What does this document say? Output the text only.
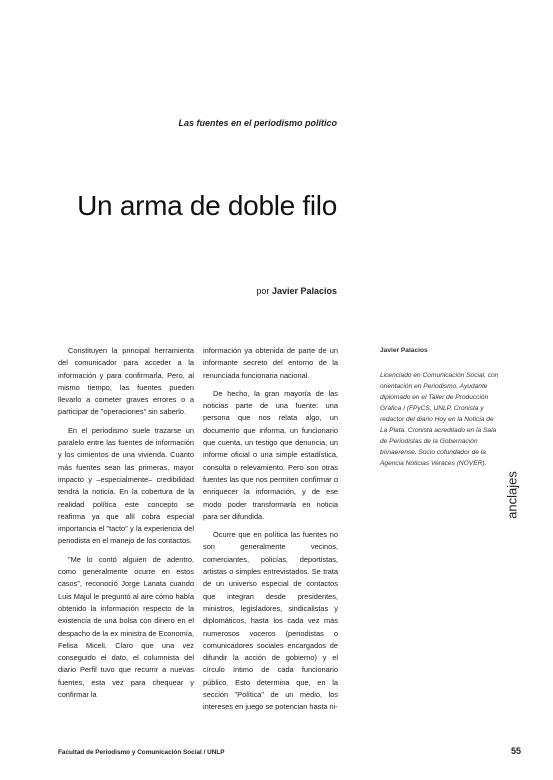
Las fuentes en el periodismo político
Un arma de doble filo
por Javier Palacios

Constituyen la principal herramienta del comunicador para acceder a la información y para confirmarla. Pero, al mismo tiempo, las fuentes pueden llevarlo a cometer graves errores o a participar de "operaciones" sin saberlo.

En el periodismo suele trazarse un paralelo entre las fuentes de información y los cimientos de una vivienda. Cuanto más fuentes sean las primeras, mayor impacto y –especialmente– credibilidad tendrá la noticia. En la cobertura de la realidad política este concepto se reafirma ya que allí cobra especial importancia el "tacto" y la experiencia del periodista en el manejo de los contactos.

"Me lo contó alguien de adentro, como generalmente ocurre en estos casos", reconoció Jorge Lanata cuando Luis Majul le preguntó al aire cómo había obtenido la información respecto de la existencia de una bolsa con dinero en el despacho de la ex ministra de Economía, Felisa Miceli. Claro que una vez conseguido el dato, el columnista del diario Perfil tuvo que recurrir a nuevas fuentes, esta vez para chequear y confirmar la

información ya obtenida de parte de un informante secreto del entorno de la renunciada funcionaria nacional.

De hecho, la gran mayoría de las noticias parte de una fuente: una persona que nos relata algo, un documento que informa, un funcionario que cuenta, un testigo que denuncia, un informe oficial o una simple estadística, consulta o relevamiento. Pero son otras fuentes las que nos permiten confirmar o enriquecer la información, y de ese modo poder transformarla en noticia para ser difundida.

Ocurre que en política las fuentes no son generalmente vecinos, comerciantes, policías, deportistas, artistas o simples entrevistados. Se trata de un universo especial de contactos que integran desde presidentes, ministros, legisladores, sindicalistas y diplomáticos, hasta los cada vez más numerosos voceros (periodistas o comunicadores sociales encargados de difundir la acción de gobierno) y el círculo íntimo de cada funcionario público. Esto determina que, en la sección "Política" de un medio, los intereses en juego se potencian hasta ni-

Javier Palacios
Licenciado en Comunicación Social, con orientación en Periodismo. Ayudante diplomado en el Taller de Producción Gráfica I (FPyCS, UNLP. Cronista y redactor del diario Hoy en la Noticia de La Plata. Cronista acreditado en la Sala de Periodistas de la Gobernación bonaerense. Socio cofundador de la Agencia Noticias Veraces (NOVER).
anclajes
Facultad de Periodismo y Comunicación Social / UNLP	55
